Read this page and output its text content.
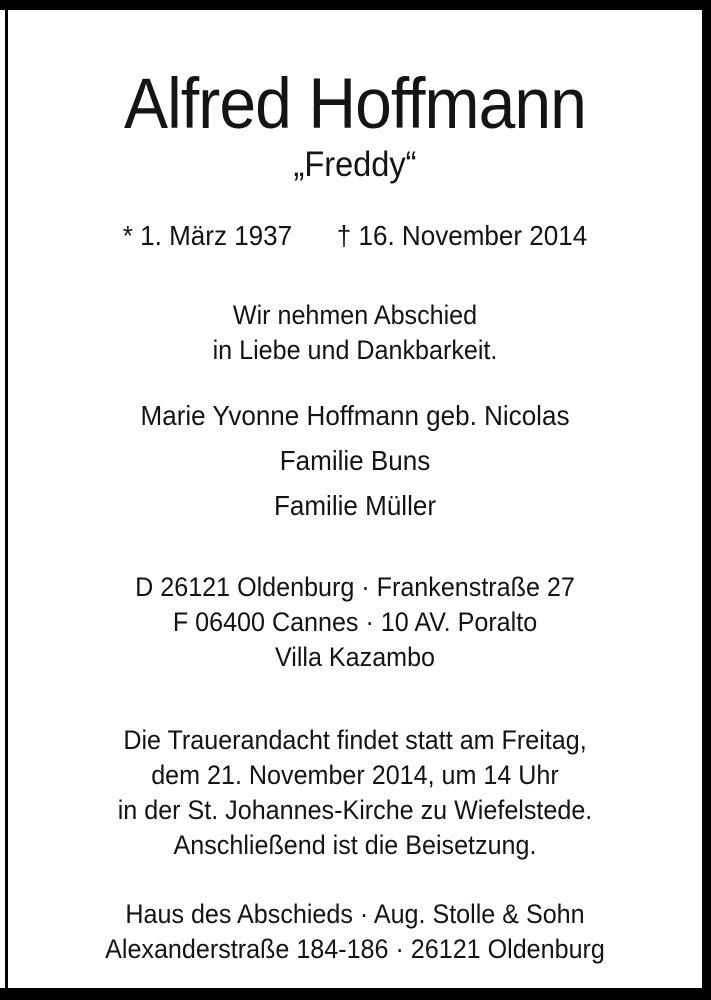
Alfred Hoffmann
„Freddy“
* 1. März 1937 † 16. November 2014
Wir nehmen Abschied
in Liebe und Dankbarkeit.
Marie Yvonne Hoffmann geb. Nicolas
Familie Buns
Familie Müller
D 26121 Oldenburg · Frankenstraße 27
F 06400 Cannes · 10 AV. Poralto
Villa Kazambo
Die Trauerandacht findet statt am Freitag,
dem 21. November 2014, um 14 Uhr
in der St. Johannes-Kirche zu Wiefelstede.
Anschließend ist die Beisetzung.
Haus des Abschieds · Aug. Stolle & Sohn
Alexanderstraße 184-186 · 26121 Oldenburg
